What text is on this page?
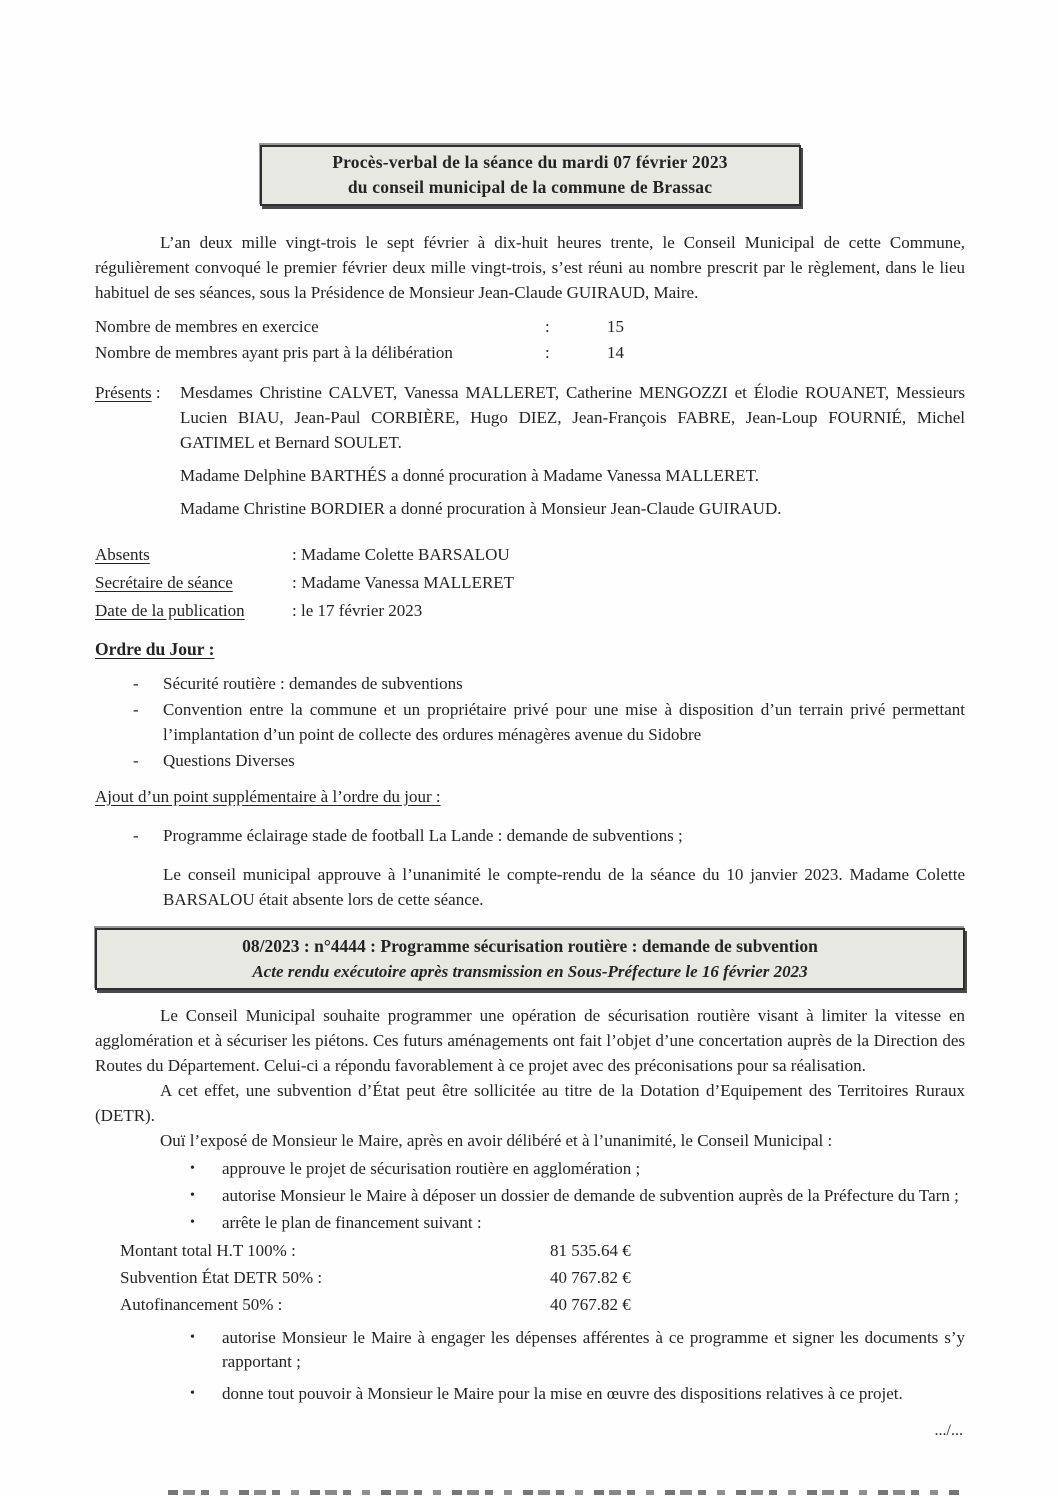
Procès-verbal de la séance du mardi 07 février 2023
du conseil municipal de la commune de Brassac

L’an deux mille vingt-trois le sept février à dix-huit heures trente, le Conseil Municipal de cette Commune, régulièrement convoqué le premier février deux mille vingt-trois, s’est réuni au nombre prescrit par le règlement, dans le lieu habituel de ses séances, sous la Présidence de Monsieur Jean-Claude GUIRAUD, Maire.

Nombre de membres en exercice	:	15
Nombre de membres ayant pris part à la délibération	:	14
Présents :	Mesdames Christine CALVET, Vanessa MALLERET, Catherine MENGOZZI et Élodie ROUANET, Messieurs Lucien BIAU, Jean-Paul CORBIÈRE, Hugo DIEZ, Jean-François FABRE, Jean-Loup FOURNIÉ, Michel GATIMEL et Bernard SOULET.
Madame Delphine BARTHÉS a donné procuration à Madame Vanessa MALLERET.
Madame Christine BORDIER a donné procuration à Monsieur Jean-Claude GUIRAUD.
Absents	: Madame Colette BARSALOU
Secrétaire de séance	: Madame Vanessa MALLERET
Date de la publication	: le 17 février 2023
Ordre du Jour :
-	Sécurité routière : demandes de subventions
-	Convention entre la commune et un propriétaire privé pour une mise à disposition d’un terrain privé permettant l’implantation d’un point de collecte des ordures ménagères avenue du Sidobre
-	Questions Diverses
Ajout d’un point supplémentaire à l’ordre du jour :
-	Programme éclairage stade de football La Lande : demande de subventions ;

Le conseil municipal approuve à l’unanimité le compte-rendu de la séance du 10 janvier 2023. Madame Colette BARSALOU était absente lors de cette séance.

08/2023 : n°4444 : Programme sécurisation routière : demande de subvention
Acte rendu exécutoire après transmission en Sous-Préfecture le 16 février 2023

Le Conseil Municipal souhaite programmer une opération de sécurisation routière visant à limiter la vitesse en agglomération et à sécuriser les piétons. Ces futurs aménagements ont fait l’objet d’une concertation auprès de la Direction des Routes du Département. Celui-ci a répondu favorablement à ce projet avec des préconisations pour sa réalisation.

A cet effet, une subvention d’État peut être sollicitée au titre de la Dotation d’Equipement des Territoires Ruraux (DETR).

Ouï l’exposé de Monsieur le Maire, après en avoir délibéré et à l’unanimité, le Conseil Municipal :

•	approuve le projet de sécurisation routière en agglomération ;
•	autorise Monsieur le Maire à déposer un dossier de demande de subvention auprès de la Préfecture du Tarn ;
•	arrête le plan de financement suivant :
Montant total H.T 100% :	81 535.64 €
Subvention État DETR 50% :	40 767.82 €
Autofinancement 50% :	40 767.82 €
•	autorise Monsieur le Maire à engager les dépenses afférentes à ce programme et signer les documents s’y rapportant ;
•	donne tout pouvoir à Monsieur le Maire pour la mise en œuvre des dispositions relatives à ce projet.
.../...
